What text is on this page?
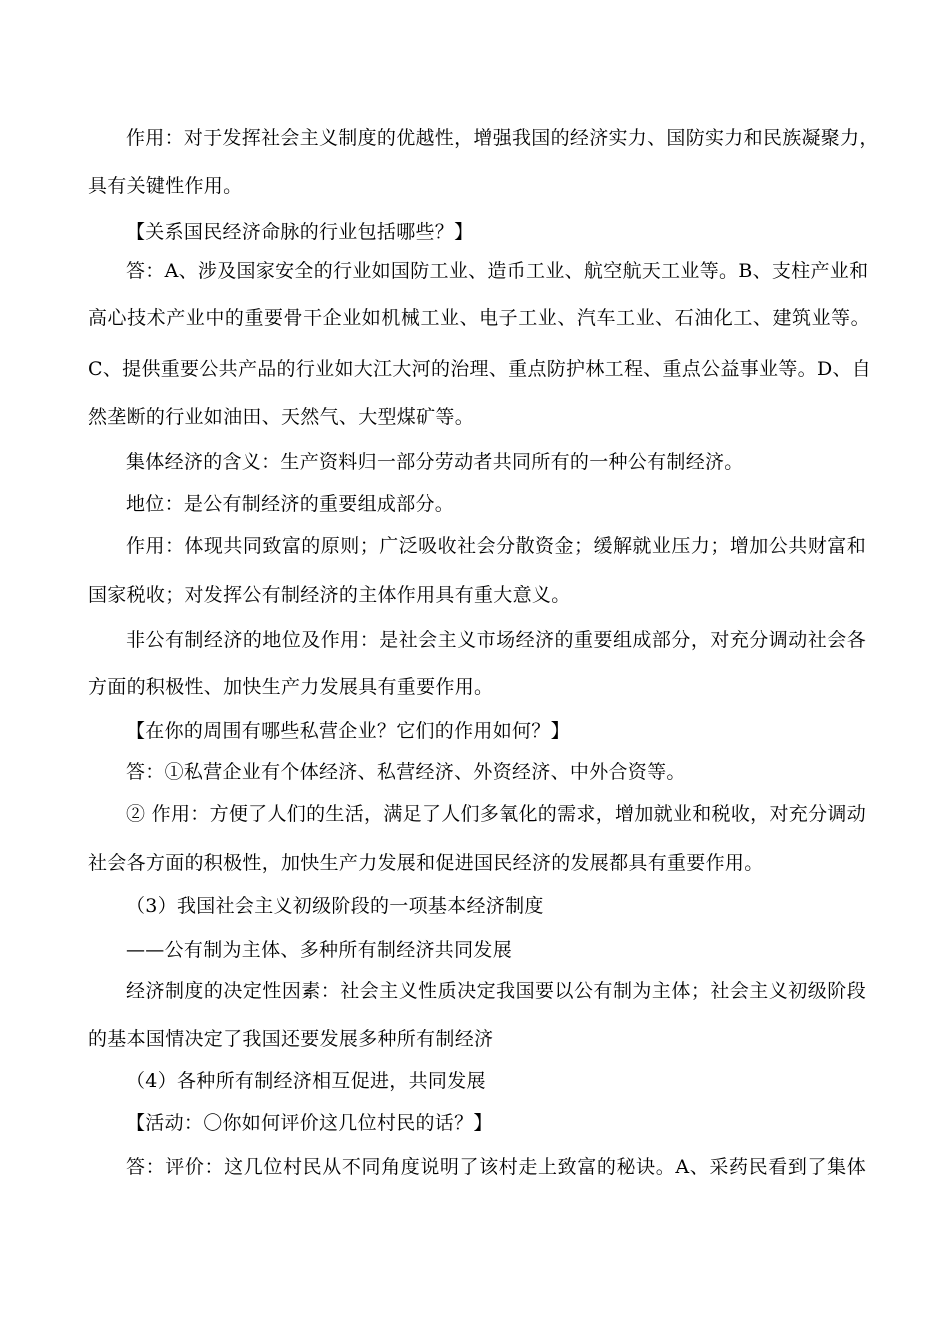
作用：对于发挥社会主义制度的优越性，增强我国的经济实力、国防实力和民族凝聚力，
具有关键性作用。
【关系国民经济命脉的行业包括哪些？】
答：A、涉及国家安全的行业如国防工业、造币工业、航空航天工业等。B、支柱产业和
高心技术产业中的重要骨干企业如机械工业、电子工业、汽车工业、石油化工、建筑业等。
C、提供重要公共产品的行业如大江大河的治理、重点防护林工程、重点公益事业等。D、自
然垄断的行业如油田、天然气、大型煤矿等。
集体经济的含义：生产资料归一部分劳动者共同所有的一种公有制经济。
地位：是公有制经济的重要组成部分。
作用：体现共同致富的原则；广泛吸收社会分散资金；缓解就业压力；增加公共财富和
国家税收；对发挥公有制经济的主体作用具有重大意义。
非公有制经济的地位及作用：是社会主义市场经济的重要组成部分，对充分调动社会各
方面的积极性、加快生产力发展具有重要作用。
【在你的周围有哪些私营企业？它们的作用如何？】
答：①私营企业有个体经济、私营经济、外资经济、中外合资等。
② 作用：方便了人们的生活，满足了人们多氧化的需求，增加就业和税收，对充分调动
社会各方面的积极性，加快生产力发展和促进国民经济的发展都具有重要作用。
（3）我国社会主义初级阶段的一项基本经济制度
——公有制为主体、多种所有制经济共同发展
经济制度的决定性因素：社会主义性质决定我国要以公有制为主体；社会主义初级阶段
的基本国情决定了我国还要发展多种所有制经济
（4）各种所有制经济相互促进，共同发展
【活动：〇你如何评价这几位村民的话？】
答：评价：这几位村民从不同角度说明了该村走上致富的秘诀。A、采药民看到了集体
